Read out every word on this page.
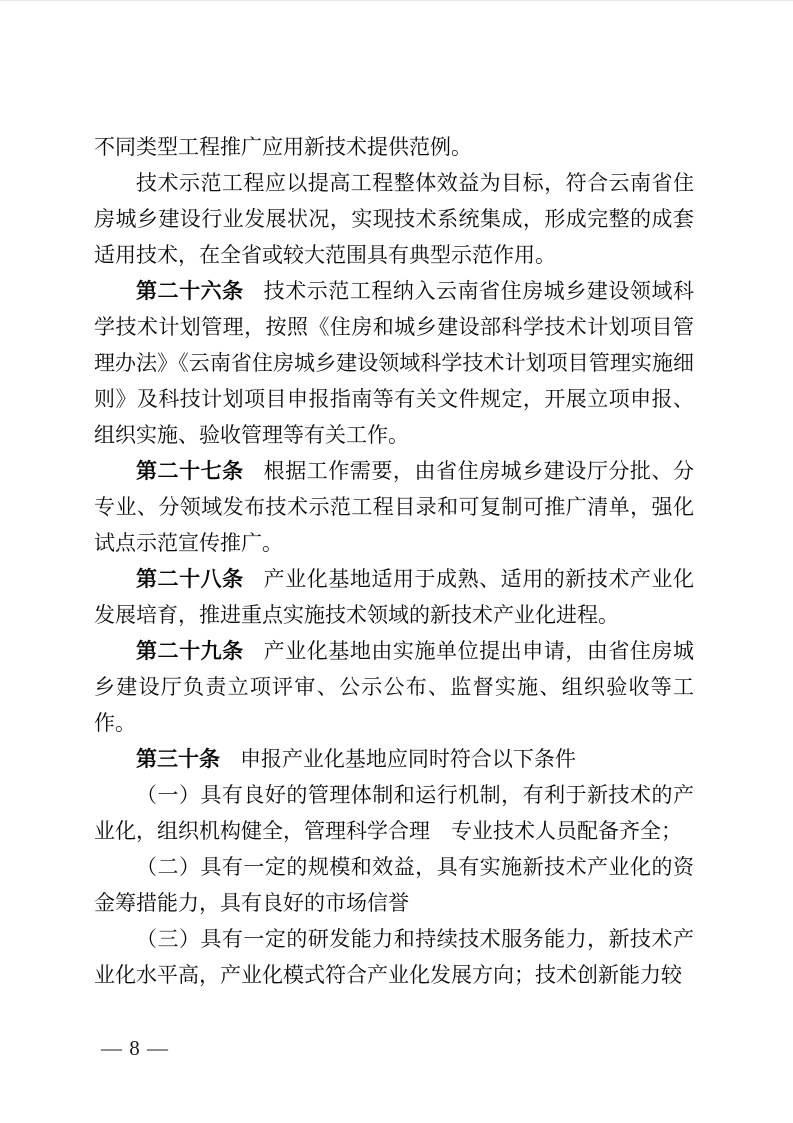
不同类型工程推广应用新技术提供范例。

技术示范工程应以提高工程整体效益为目标，符合云南省住房城乡建设行业发展状况，实现技术系统集成，形成完整的成套适用技术，在全省或较大范围具有典型示范作用。

第二十六条 技术示范工程纳入云南省住房城乡建设领域科学技术计划管理，按照《住房和城乡建设部科学技术计划项目管理办法》《云南省住房城乡建设领域科学技术计划项目管理实施细则》及科技计划项目申报指南等有关文件规定，开展立项申报、组织实施、验收管理等有关工作。

第二十七条 根据工作需要，由省住房城乡建设厅分批、分专业、分领域发布技术示范工程目录和可复制可推广清单，强化试点示范宣传推广。

第二十八条 产业化基地适用于成熟、适用的新技术产业化发展培育，推进重点实施技术领域的新技术产业化进程。

第二十九条 产业化基地由实施单位提出申请，由省住房城乡建设厅负责立项评审、公示公布、监督实施、组织验收等工作。

第三十条 申报产业化基地应同时符合以下条件

（一）具有良好的管理体制和运行机制，有利于新技术的产业化，组织机构健全，管理科学合理　专业技术人员配备齐全；

（二）具有一定的规模和效益，具有实施新技术产业化的资金筹措能力，具有良好的市场信誉

（三）具有一定的研发能力和持续技术服务能力，新技术产业化水平高，产业化模式符合产业化发展方向；技术创新能力较

— 8 —
